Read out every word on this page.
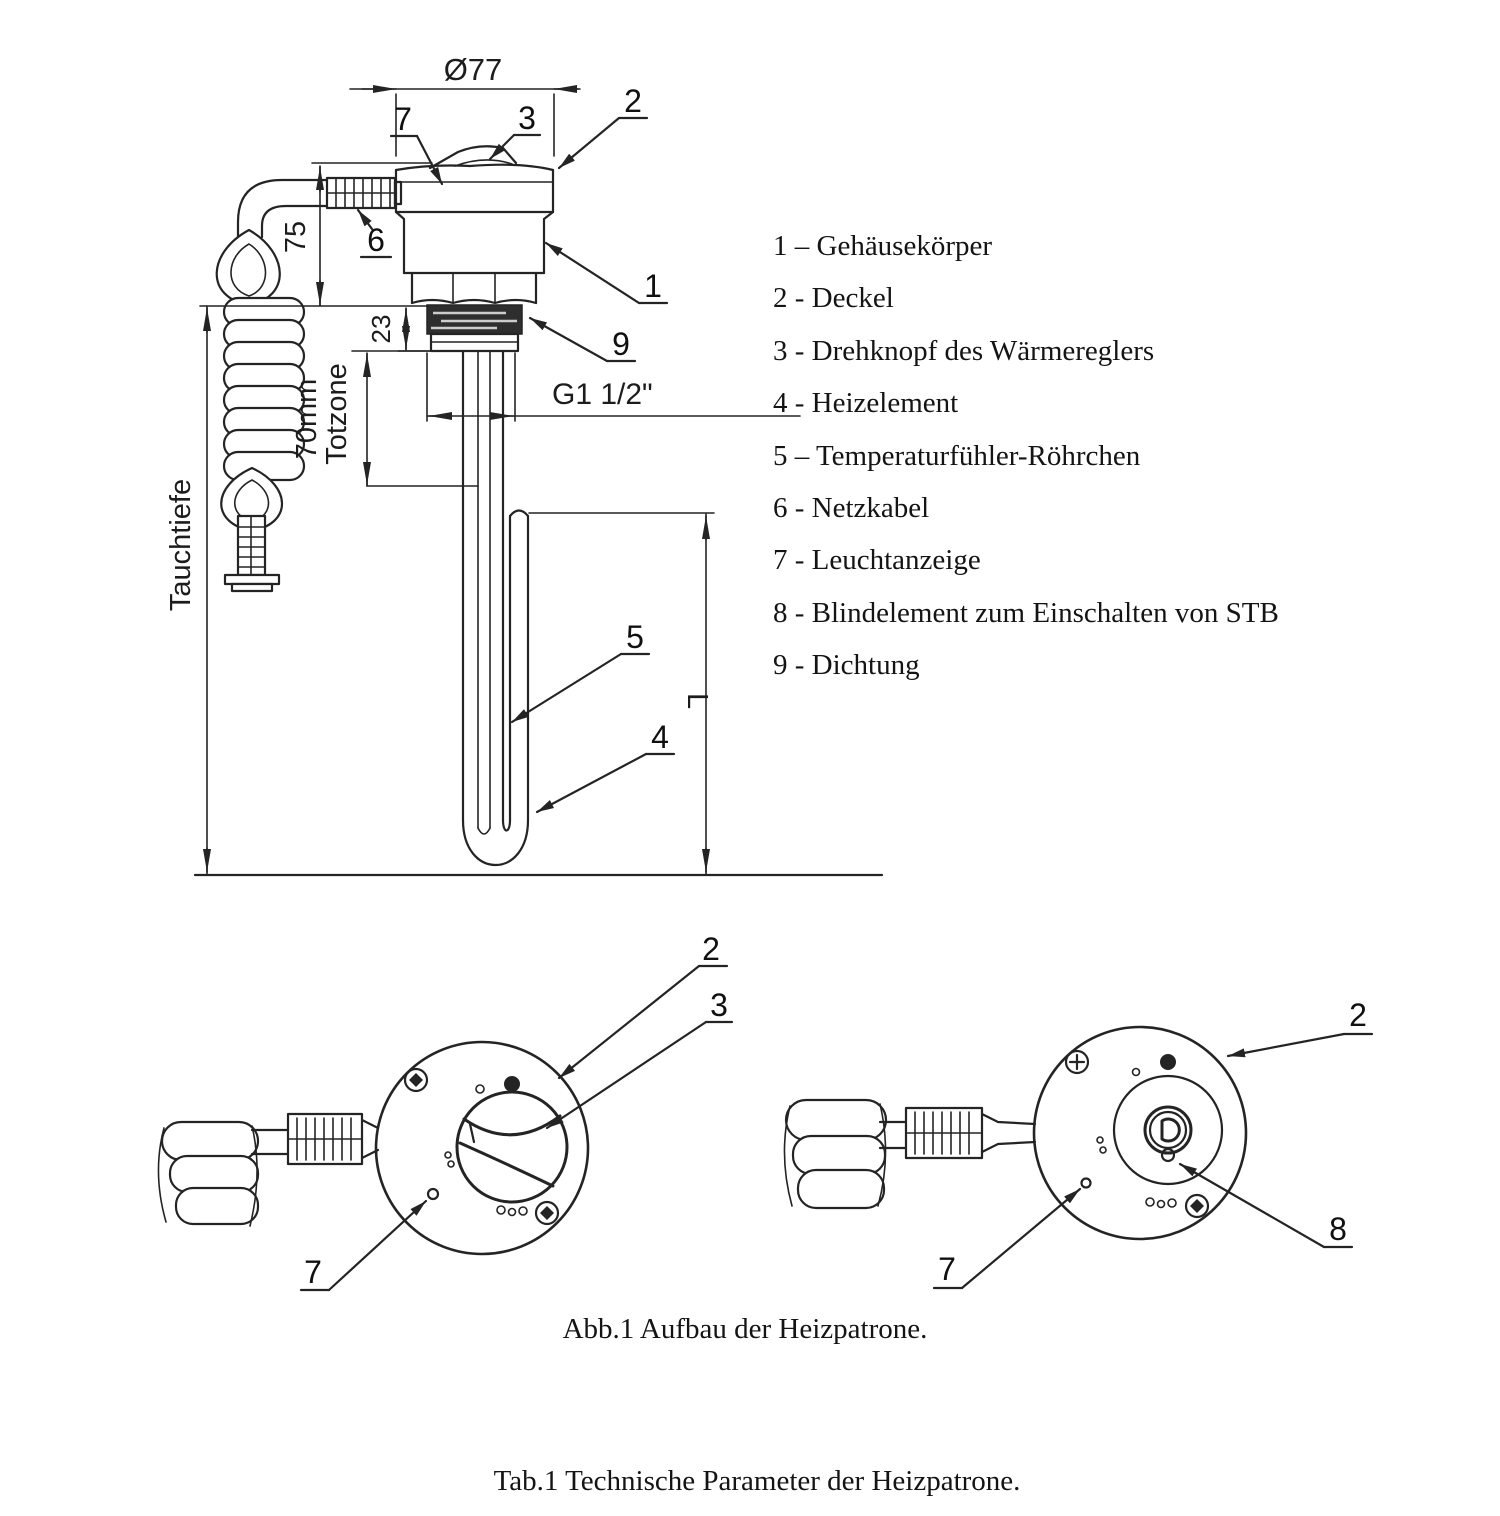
Ø77
75
23
Tauchtiefe
70mm
Totzone	G1 1/2"
L
7	3	2
6
1
9
5
4
1 – Gehäusekörper
2 - Deckel
3 - Drehknopf des Wärmereglers
4 - Heizelement
5 – Temperaturfühler-Röhrchen
6 - Netzkabel
7 - Leuchtanzeige
8 - Blindelement zum Einschalten von STB
9 - Dichtung
2
3
7
2
8
7
Abb.1 Aufbau der Heizpatrone.
Tab.1 Technische Parameter der Heizpatrone.
